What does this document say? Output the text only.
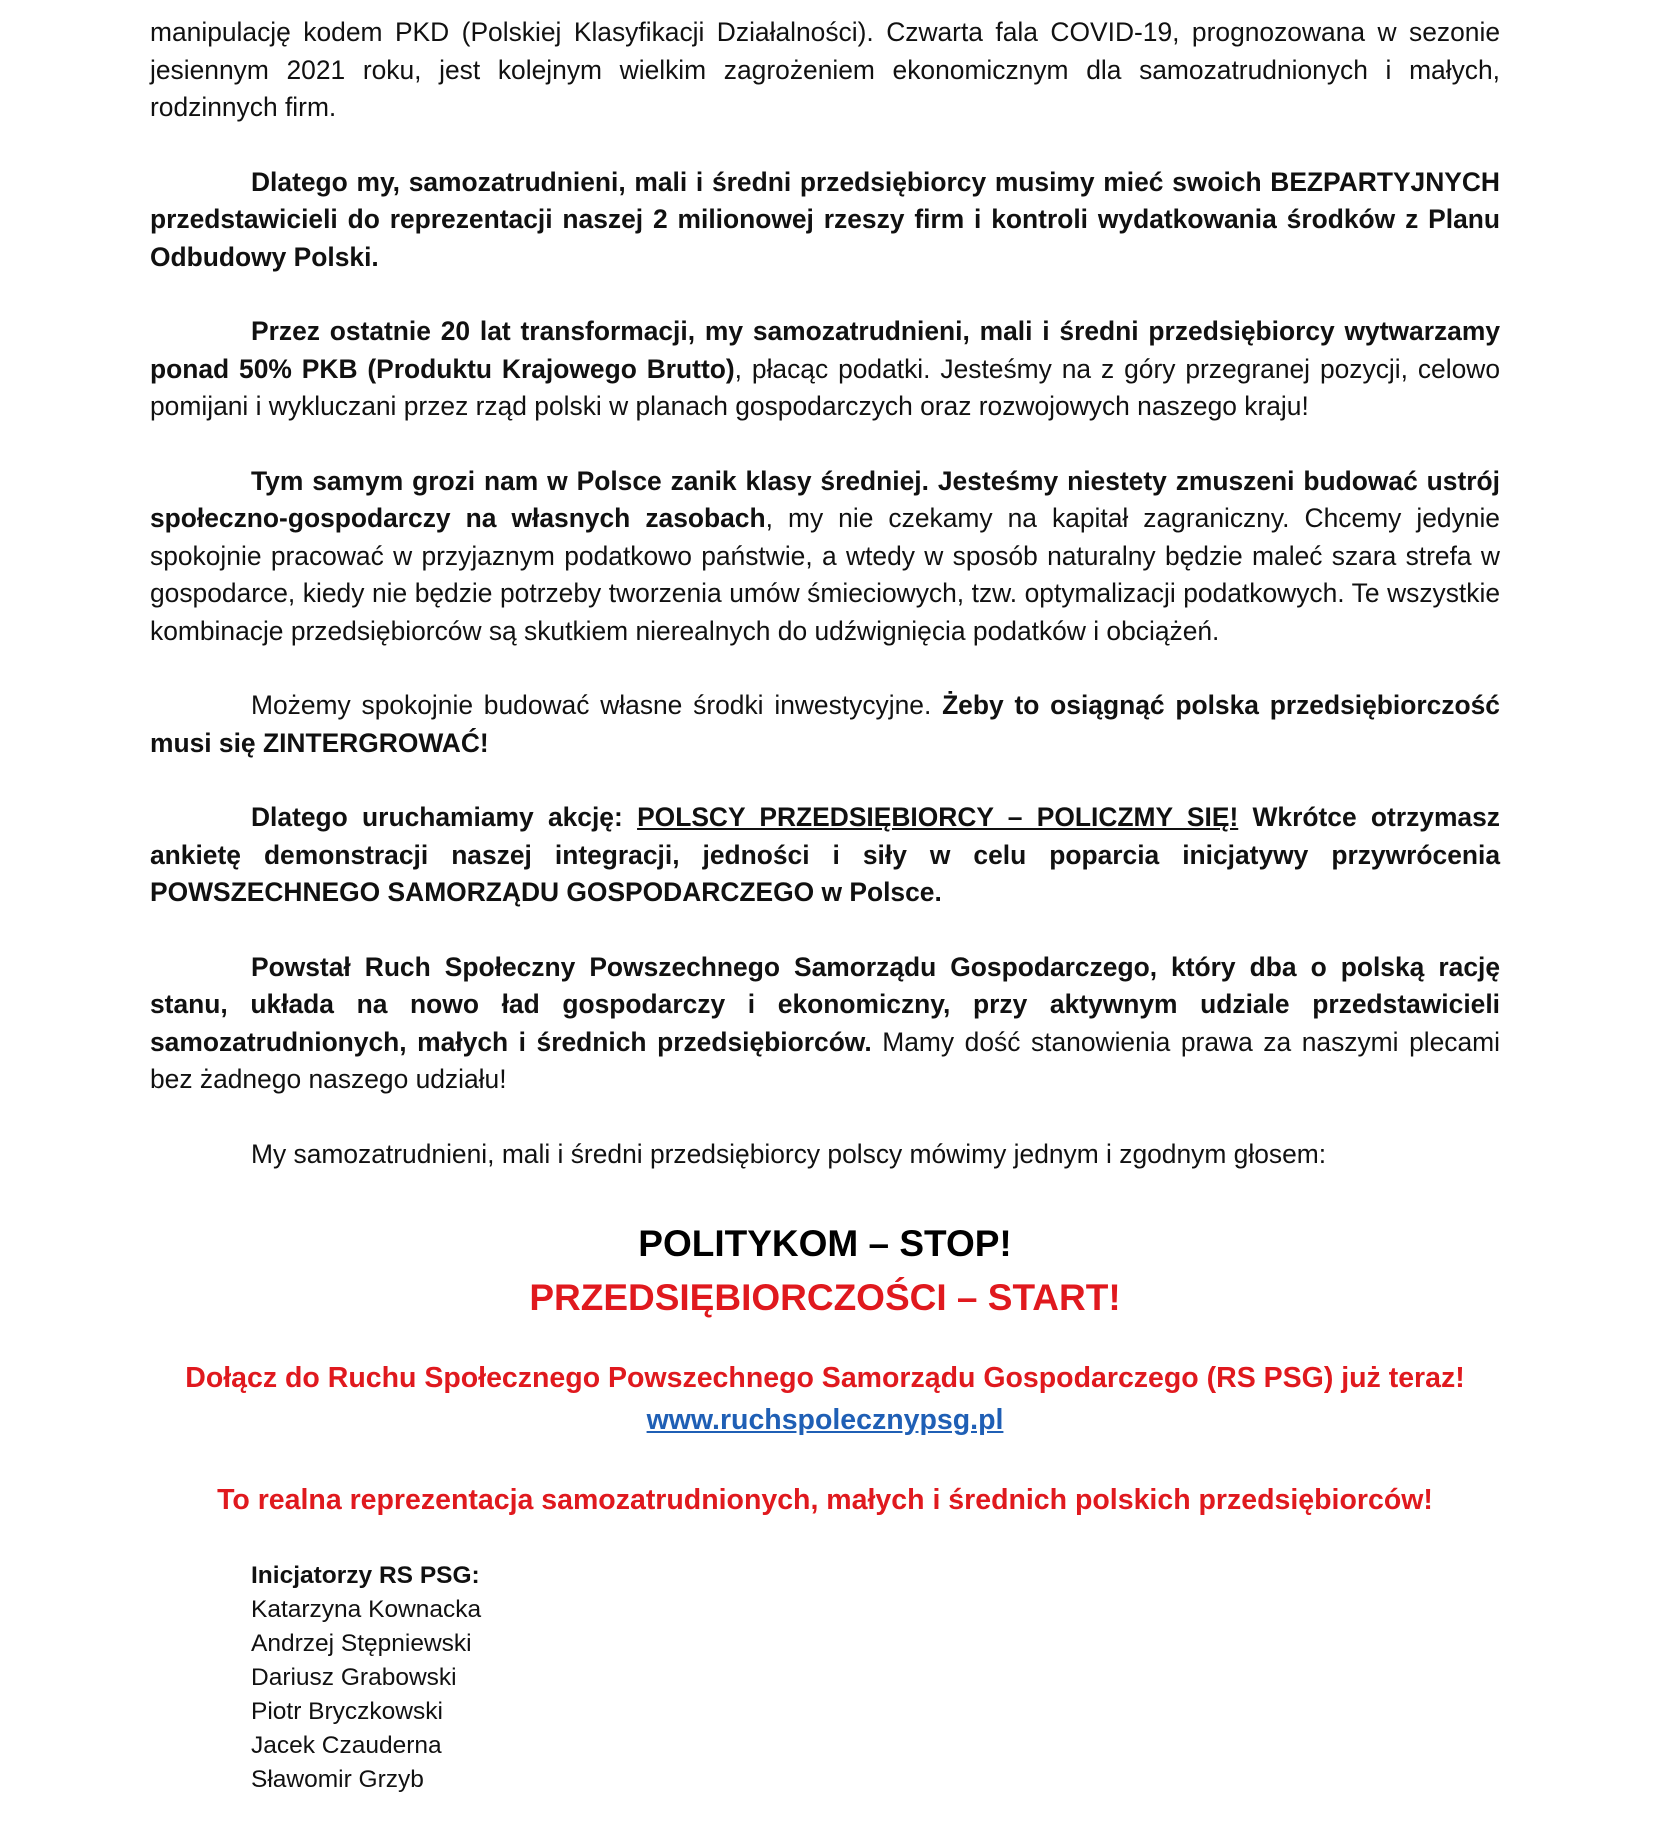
manipulację kodem PKD (Polskiej Klasyfikacji Działalności). Czwarta fala COVID-19, prognozowana w sezonie jesiennym 2021 roku, jest kolejnym wielkim zagrożeniem ekonomicznym dla samozatrudnionych i małych, rodzinnych firm.

Dlatego my, samozatrudnieni, mali i średni przedsiębiorcy musimy mieć swoich BEZPARTYJNYCH przedstawicieli do reprezentacji naszej 2 milionowej rzeszy firm i kontroli wydatkowania środków z Planu Odbudowy Polski.

Przez ostatnie 20 lat transformacji, my samozatrudnieni, mali i średni przedsiębiorcy wytwarzamy ponad 50% PKB (Produktu Krajowego Brutto), płacąc podatki. Jesteśmy na z góry przegranej pozycji, celowo pomijani i wykluczani przez rząd polski w planach gospodarczych oraz rozwojowych naszego kraju!

Tym samym grozi nam w Polsce zanik klasy średniej. Jesteśmy niestety zmuszeni budować ustrój społeczno-gospodarczy na własnych zasobach, my nie czekamy na kapitał zagraniczny. Chcemy jedynie spokojnie pracować w przyjaznym podatkowo państwie, a wtedy w sposób naturalny będzie maleć szara strefa w gospodarce, kiedy nie będzie potrzeby tworzenia umów śmieciowych, tzw. optymalizacji podatkowych. Te wszystkie kombinacje przedsiębiorców są skutkiem nierealnych do udźwignięcia podatków i obciążeń.

Możemy spokojnie budować własne środki inwestycyjne. Żeby to osiągnąć polska przedsiębiorczość musi się ZINTERGROWAĆ!

Dlatego uruchamiamy akcję: POLSCY PRZEDSIĘBIORCY – POLICZMY SIĘ! Wkrótce otrzymasz ankietę demonstracji naszej integracji, jedności i siły w celu poparcia inicjatywy przywrócenia POWSZECHNEGO SAMORZĄDU GOSPODARCZEGO w Polsce.

Powstał Ruch Społeczny Powszechnego Samorządu Gospodarczego, który dba o polską rację stanu, układa na nowo ład gospodarczy i ekonomiczny, przy aktywnym udziale przedstawicieli samozatrudnionych, małych i średnich przedsiębiorców. Mamy dość stanowienia prawa za naszymi plecami bez żadnego naszego udziału!

My samozatrudnieni, mali i średni przedsiębiorcy polscy mówimy jednym i zgodnym głosem:

POLITYKOM – STOP!
PRZEDSIĘBIORCZOŚCI – START!
Dołącz do Ruchu Społecznego Powszechnego Samorządu Gospodarczego (RS PSG) już teraz!
www.ruchspolecznypsg.pl
To realna reprezentacja samozatrudnionych, małych i średnich polskich przedsiębiorców!
Inicjatorzy RS PSG:
Katarzyna Kownacka
Andrzej Stępniewski
Dariusz Grabowski
Piotr Bryczkowski
Jacek Czauderna
Sławomir Grzyb
